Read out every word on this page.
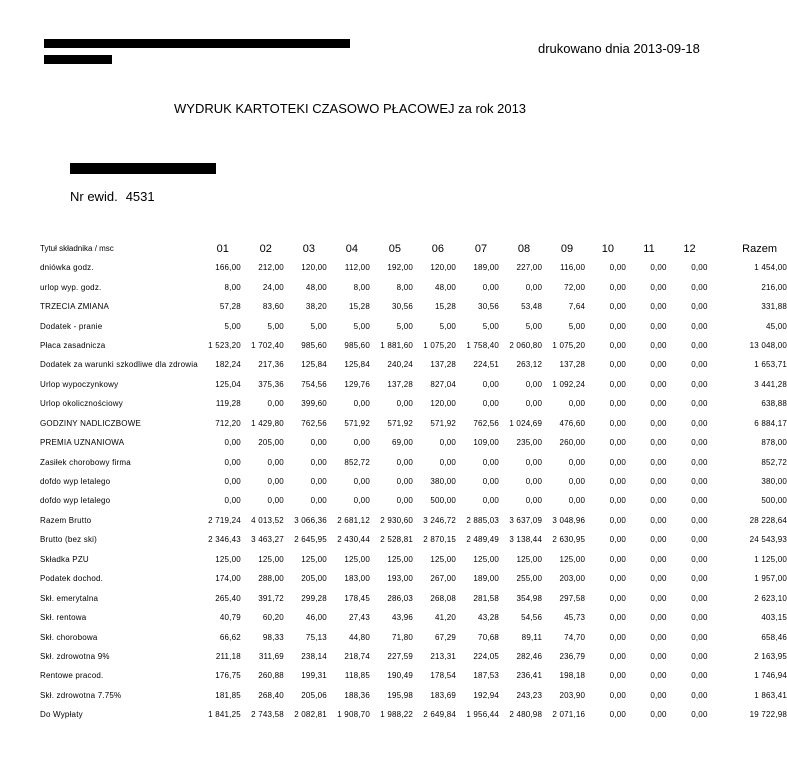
drukowano dnia 2013-09-18
WYDRUK KARTOTEKI CZASOWO PŁACOWEJ za rok 2013
Nr ewid. 4531
Tytuł składnika / msc	01	02	03	04	05	06	07	08	09	10	11	12	Razem
dniówka godz.	166,00	212,00	120,00	112,00	192,00	120,00	189,00	227,00	116,00	0,00	0,00	0,00	1 454,00
urlop wyp. godz.	8,00	24,00	48,00	8,00	8,00	48,00	0,00	0,00	72,00	0,00	0,00	0,00	216,00
TRZECIA ZMIANA	57,28	83,60	38,20	15,28	30,56	15,28	30,56	53,48	7,64	0,00	0,00	0,00	331,88
Dodatek - pranie	5,00	5,00	5,00	5,00	5,00	5,00	5,00	5,00	5,00	0,00	0,00	0,00	45,00
Płaca zasadnicza	1 523,20	1 702,40	985,60	985,60	1 881,60	1 075,20	1 758,40	2 060,80	1 075,20	0,00	0,00	0,00	13 048,00
Dodatek za warunki szkodliwe dla zdrowia	182,24	217,36	125,84	125,84	240,24	137,28	224,51	263,12	137,28	0,00	0,00	0,00	1 653,71
Urlop wypoczynkowy	125,04	375,36	754,56	129,76	137,28	827,04	0,00	0,00	1 092,24	0,00	0,00	0,00	3 441,28
Urlop okolicznościowy	119,28	0,00	399,60	0,00	0,00	120,00	0,00	0,00	0,00	0,00	0,00	0,00	638,88
GODZINY NADLICZBOWE	712,20	1 429,80	762,56	571,92	571,92	571,92	762,56	1 024,69	476,60	0,00	0,00	0,00	6 884,17
PREMIA UZNANIOWA	0,00	205,00	0,00	0,00	69,00	0,00	109,00	235,00	260,00	0,00	0,00	0,00	878,00
Zasiłek chorobowy firma	0,00	0,00	0,00	852,72	0,00	0,00	0,00	0,00	0,00	0,00	0,00	0,00	852,72
dofdo wyp letalego	0,00	0,00	0,00	0,00	0,00	380,00	0,00	0,00	0,00	0,00	0,00	0,00	380,00
dofdo wyp letalego	0,00	0,00	0,00	0,00	0,00	500,00	0,00	0,00	0,00	0,00	0,00	0,00	500,00
Razem Brutto	2 719,24	4 013,52	3 066,36	2 681,12	2 930,60	3 246,72	2 885,03	3 637,09	3 048,96	0,00	0,00	0,00	28 228,64
Brutto (bez ski)	2 346,43	3 463,27	2 645,95	2 430,44	2 528,81	2 870,15	2 489,49	3 138,44	2 630,95	0,00	0,00	0,00	24 543,93
Składka PZU	125,00	125,00	125,00	125,00	125,00	125,00	125,00	125,00	125,00	0,00	0,00	0,00	1 125,00
Podatek dochod.	174,00	288,00	205,00	183,00	193,00	267,00	189,00	255,00	203,00	0,00	0,00	0,00	1 957,00
Skł. emerytalna	265,40	391,72	299,28	178,45	286,03	268,08	281,58	354,98	297,58	0,00	0,00	0,00	2 623,10
Skł. rentowa	40,79	60,20	46,00	27,43	43,96	41,20	43,28	54,56	45,73	0,00	0,00	0,00	403,15
Skł. chorobowa	66,62	98,33	75,13	44,80	71,80	67,29	70,68	89,11	74,70	0,00	0,00	0,00	658,46
Skł. zdrowotna 9%	211,18	311,69	238,14	218,74	227,59	213,31	224,05	282,46	236,79	0,00	0,00	0,00	2 163,95
Rentowe pracod.	176,75	260,88	199,31	118,85	190,49	178,54	187,53	236,41	198,18	0,00	0,00	0,00	1 746,94
Skł. zdrowotna 7.75%	181,85	268,40	205,06	188,36	195,98	183,69	192,94	243,23	203,90	0,00	0,00	0,00	1 863,41
Do Wypłaty	1 841,25	2 743,58	2 082,81	1 908,70	1 988,22	2 649,84	1 956,44	2 480,98	2 071,16	0,00	0,00	0,00	19 722,98
